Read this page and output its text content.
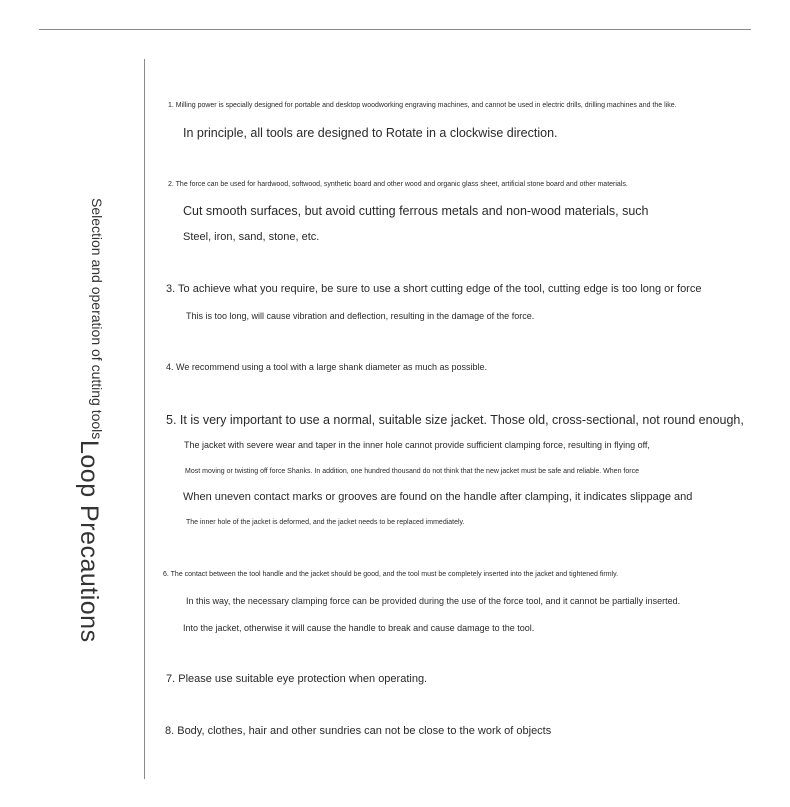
Selection and operation of cutting tools
Loop Precautions
1. Milling power is specially designed for portable and desktop woodworking engraving machines, and cannot be used in electric drills, drilling machines and the like.
In principle, all tools are designed to Rotate in a clockwise direction.
2. The force can be used for hardwood, softwood, synthetic board and other wood and organic glass sheet, artificial stone board and other materials.
Cut smooth surfaces, but avoid cutting ferrous metals and non-wood materials, such
Steel, iron, sand, stone, etc.
3. To achieve what you require, be sure to use a short cutting edge of the tool, cutting edge is too long or force
This is too long, will cause vibration and deflection, resulting in the damage of the force.
4. We recommend using a tool with a large shank diameter as much as possible.
5. It is very important to use a normal, suitable size jacket. Those old, cross-sectional, not round enough,
The jacket with severe wear and taper in the inner hole cannot provide sufficient clamping force, resulting in flying off,
Most moving or twisting off force Shanks. In addition, one hundred thousand do not think that the new jacket must be safe and reliable. When force
When uneven contact marks or grooves are found on the handle after clamping, it indicates slippage and
The inner hole of the jacket is deformed, and the jacket needs to be replaced immediately.
6. The contact between the tool handle and the jacket should be good, and the tool must be completely inserted into the jacket and tightened firmly.
In this way, the necessary clamping force can be provided during the use of the force tool, and it cannot be partially inserted.
Into the jacket, otherwise it will cause the handle to break and cause damage to the tool.
7. Please use suitable eye protection when operating.
8. Body, clothes, hair and other sundries can not be close to the work of objects
